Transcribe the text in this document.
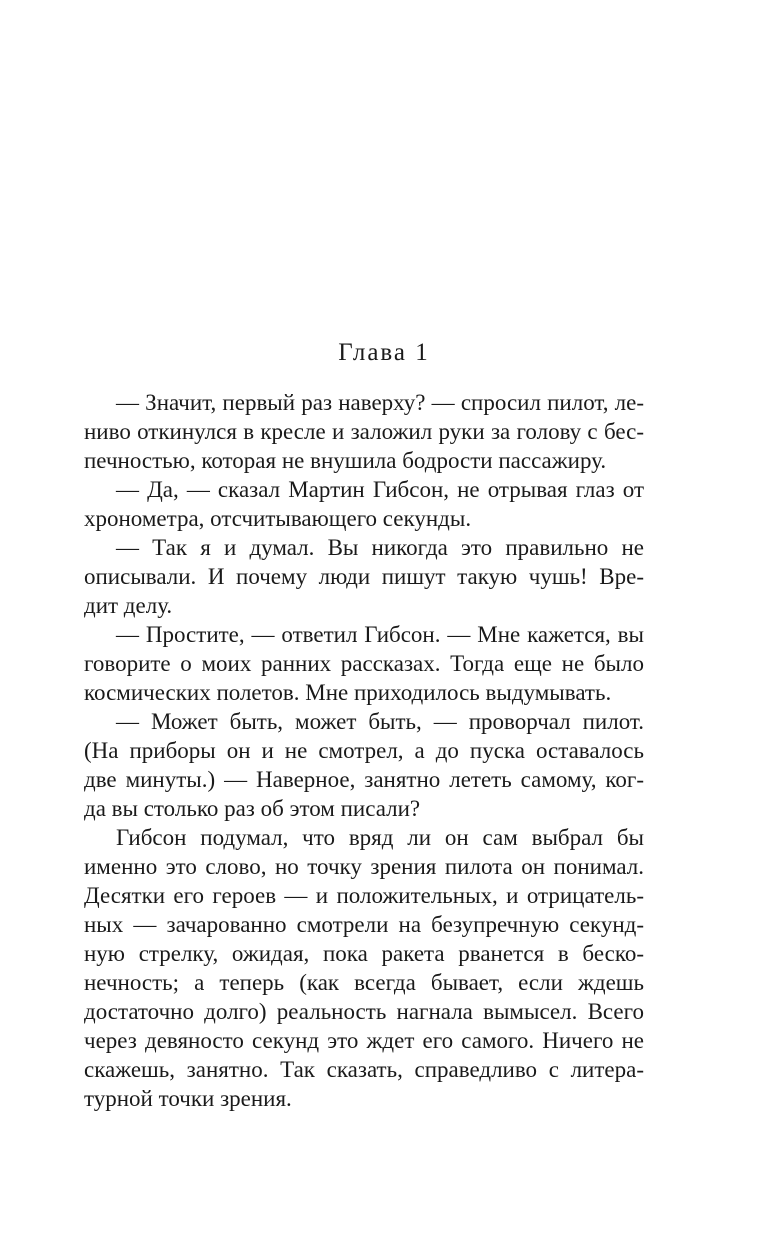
Глава 1
— Значит, первый раз наверху? — спросил пилот, ле-
ниво откинулся в кресле и заложил руки за голову с бес-
печностью, которая не внушила бодрости пассажиру.
— Да, — сказал Мартин Гибсон, не отрывая глаз от
хронометра, отсчитывающего секунды.
— Так я и думал. Вы никогда это правильно не
описывали. И почему люди пишут такую чушь! Вре-
дит делу.
— Простите, — ответил Гибсон. — Мне кажется, вы
говорите о моих ранних рассказах. Тогда еще не было
космических полетов. Мне приходилось выдумывать.
— Может быть, может быть, — проворчал пилот.
(На приборы он и не смотрел, а до пуска оставалось
две минуты.) — Наверное, занятно лететь самому, ког-
да вы столько раз об этом писали?
Гибсон подумал, что вряд ли он сам выбрал бы
именно это слово, но точку зрения пилота он понимал.
Десятки его героев — и положительных, и отрицатель-
ных — зачарованно смотрели на безупречную секунд-
ную стрелку, ожидая, пока ракета рванется в беско-
нечность; а теперь (как всегда бывает, если ждешь
достаточно долго) реальность нагнала вымысел. Всего
через девяносто секунд это ждет его самого. Ничего не
скажешь, занятно. Так сказать, справедливо с литера-
турной точки зрения.
